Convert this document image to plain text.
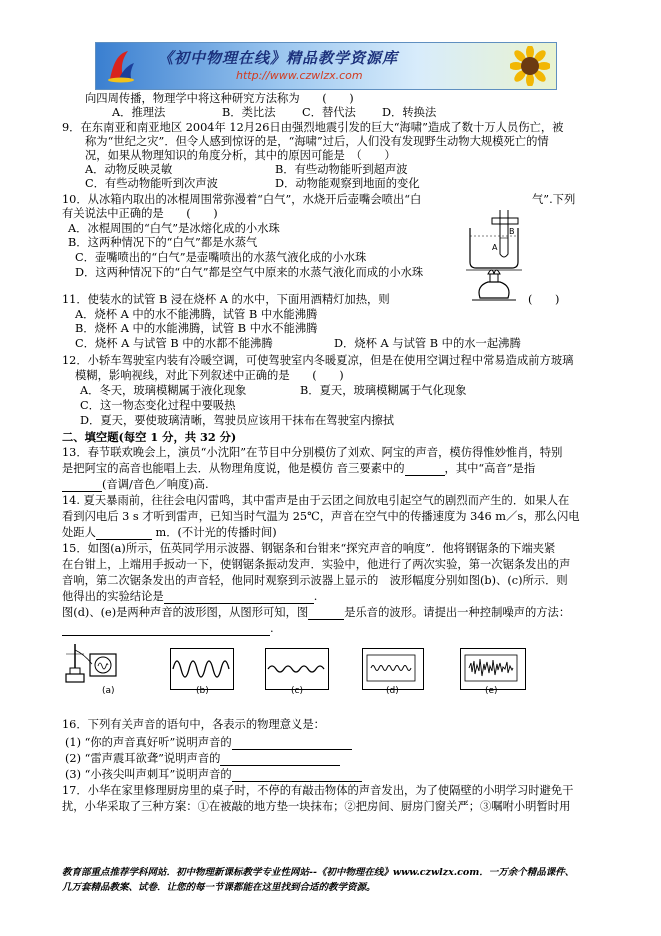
《初中物理在线》精品教学资源库
http://www.czwlzx.com
向四周传播，物理学中将这种研究方法称为　　(　　)
A．推理法	B．类比法 C．替代法 D．转换法
9．在东南亚和南亚地区 2004年 12月26日由强烈地震引发的巨大“海啸”造成了数十万人员伤亡，被
称为“世纪之灾”．但令人感到惊讶的是，“海啸”过后，人们没有发现野生动物大规模死亡的情
况，如果从物理知识的角度分析，其中的原因可能是　（　　）
A．动物反映灵敏	B．有些动物能听到超声波
C．有些动物能听到次声波	D．动物能观察到地面的变化
10．从冰箱内取出的冰棍周围常弥漫着“白气”，水烧开后壶嘴会喷出“白	气”.下列
有关说法中正确的是　　(　　)
A．冰棍周围的“白气”是冰熔化成的小水珠
B．这两种情况下的“白气”都是水蒸气
C．壶嘴喷出的“白气”是壶嘴喷出的水蒸气液化成的小水珠
D．这两种情况下的“白气”都是空气中原来的水蒸气液化而成的小水珠
A
B
11．使装水的试管 B 浸在烧杯 A 的水中，下面用酒精灯加热，则	(　　)
A．烧杯 A 中的水不能沸腾，试管 B 中水能沸腾
B．烧杯 A 中的水能沸腾，试管 B 中水不能沸腾
C．烧杯 A 与试管 B 中的水都不能沸腾	D．烧杯 A 与试管 B 中的水一起沸腾
12．小轿车驾驶室内装有冷暖空调，可使驾驶室内冬暖夏凉，但是在使用空调过程中常易造成前方玻璃
模糊，影响视线，对此下列叙述中正确的是　　(　　)
A．冬天，玻璃模糊属于液化现象	B．夏天，玻璃模糊属于气化现象
C．这一物态变化过程中要吸热
D．夏天，要使玻璃清晰，驾驶员应该用干抹布在驾驶室内擦拭
二、填空题(每空 1 分，共 32 分)
13．春节联欢晚会上，演员“小沈阳”在节目中分别模仿了刘欢、阿宝的声音，模仿得惟妙惟肖，特别
是把阿宝的高音也能唱上去．从物理角度说，他是模仿 音三要素中的	，其中“高音”是指
(音调/音色／响度)高.
14. 夏天暴雨前，往往会电闪雷鸣，其中雷声是由于云团之间放电引起空气的剧烈而产生的．如果人在
看到闪电后 3 s 才听到雷声，已知当时气温为 25℃，声音在空气中的传播速度为 346 m／s，那么闪电
处距人	m．(不计光的传播时间)
15．如图(a)所示，伍英同学用示波器、钢锯条和台钳来“探究声音的响度”．他将钢锯条的下端夹紧
在台钳上，上端用手扳动一下，使钢锯条振动发声．实验中，他进行了两次实验，第一次锯条发出的声
音响，第二次锯条发出的声音轻，他同时观察到示波器上显示的　波形幅度分别如图(b)、(c)所示．则
他得出的实验结论是	.
图(d)、(e)是两种声音的波形图，从图形可知，图	是乐音的波形。请提出一种控制噪声的方法：
.
(a)	(b)	(c)	(d)	(e)
16．下列有关声音的语句中，各表示的物理意义是：
(1) “你的声音真好听”说明声音的
(2) “雷声震耳欲聋”说明声音的
(3) “小孩尖叫声刺耳”说明声音的
17．小华在家里修理厨房里的桌子时，不停的有敲击物体的声音发出，为了使隔壁的小明学习时避免干
扰，小华采取了三种方案：①在被敲的地方垫一块抹布；②把房间、厨房门窗关严；③嘱咐小明暂时用
教育部重点推荐学科网站．初中物理新课标教学专业性网站--《初中物理在线》www.czwlzx.com．一万余个精品课件、
几万套精品教案、试卷．让您的每一节课都能在这里找到合适的教学资源。
